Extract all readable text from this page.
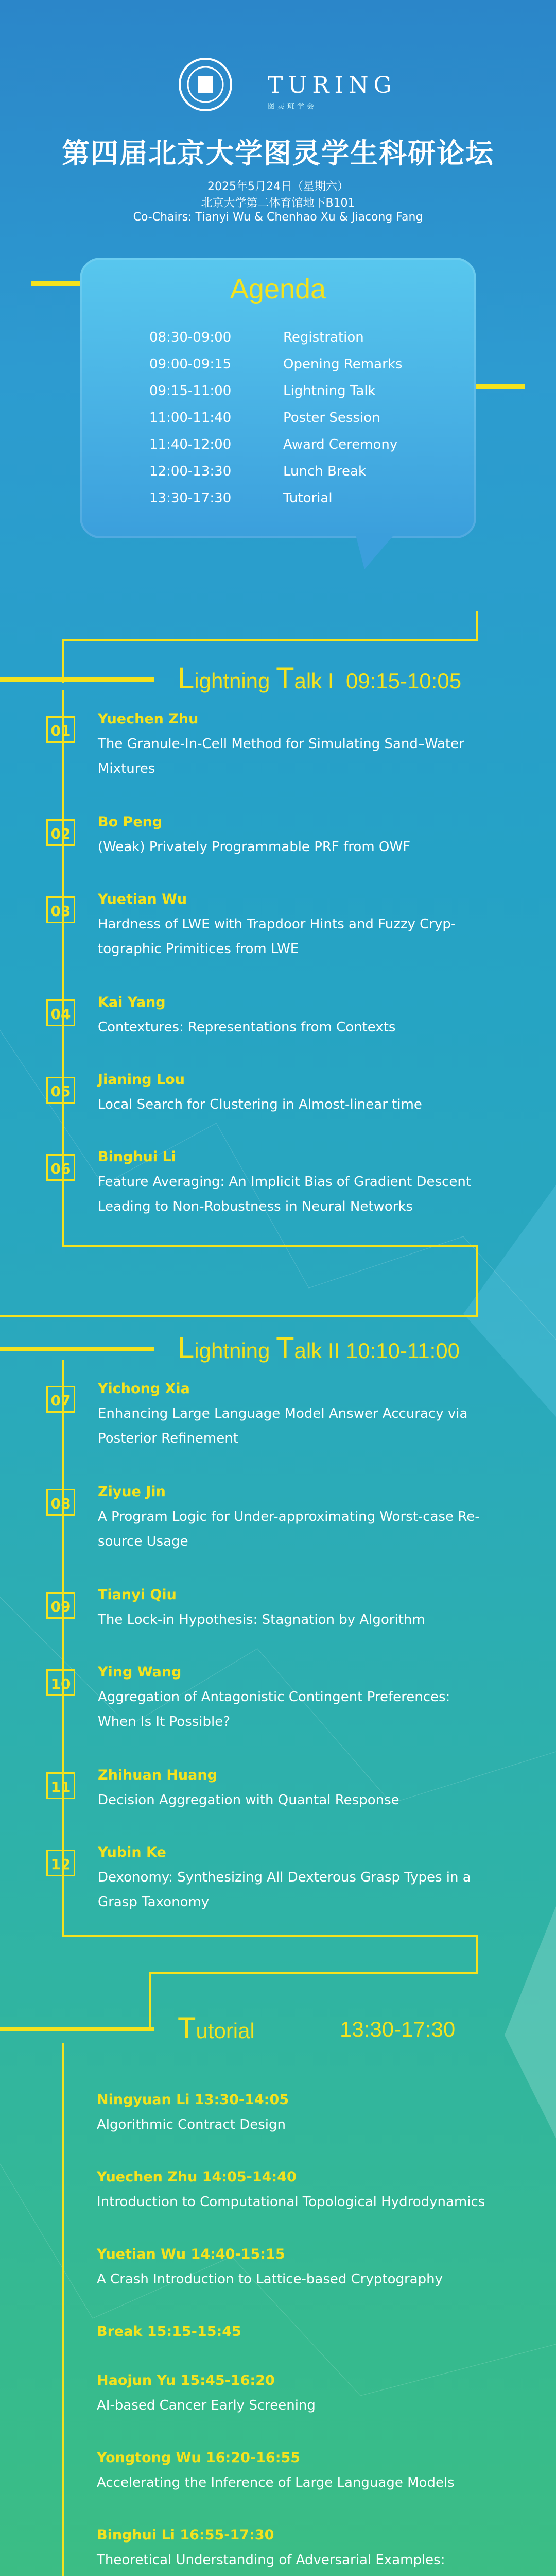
TURING
图灵班学会
第四届北京大学图灵学生科研论坛
2025年5月24日（星期六）
北京大学第二体育馆地下B101
Co-Chairs: Tianyi Wu & Chenhao Xu & Jiacong Fang
Agenda
08:30-09:00	Registration
09:00-09:15	Opening Remarks
09:15-11:00	Lightning Talk
11:00-11:40	Poster Session
11:40-12:00	Award Ceremony
12:00-13:30	Lunch Break
13:30-17:30	Tutorial
Lightning Talk I 09:15-10:05
01
Yuechen Zhu
The Granule-In-Cell Method for Simulating Sand–Water Mixtures
02
Bo Peng
(Weak) Privately Programmable PRF from OWF
03
Yuetian Wu
Hardness of LWE with Trapdoor Hints and Fuzzy Cryp-tographic Primitices from LWE
04
Kai Yang
Contextures: Representations from Contexts
05
Jianing Lou
Local Search for Clustering in Almost-linear time
06
Binghui Li
Feature Averaging: An Implicit Bias of Gradient Descent Leading to Non-Robustness in Neural Networks
Lightning Talk II 10:10-11:00
07
Yichong Xia
Enhancing Large Language Model Answer Accuracy via Posterior Refinement
08
Ziyue Jin
A Program Logic for Under-approximating Worst-case Re-source Usage
09
Tianyi Qiu
The Lock-in Hypothesis: Stagnation by Algorithm
10
Ying Wang
Aggregation of Antagonistic Contingent Preferences: When Is It Possible?
11
Zhihuan Huang
Decision Aggregation with Quantal Response
12
Yubin Ke
Dexonomy: Synthesizing All Dexterous Grasp Types in a Grasp Taxonomy
Tutorial	13:30-17:30
Ningyuan Li 13:30-14:05
Algorithmic Contract Design
Yuechen Zhu 14:05-14:40
Introduction to Computational Topological Hydrodynamics
Yuetian Wu 14:40-15:15
A Crash Introduction to Lattice-based Cryptography
Break 15:15-15:45
Haojun Yu 15:45-16:20
AI-based Cancer Early Screening
Yongtong Wu 16:20-16:55
Accelerating the Inference of Large Language Models
Binghui Li 16:55-17:30
Theoretical Understanding of Adversarial Examples:
